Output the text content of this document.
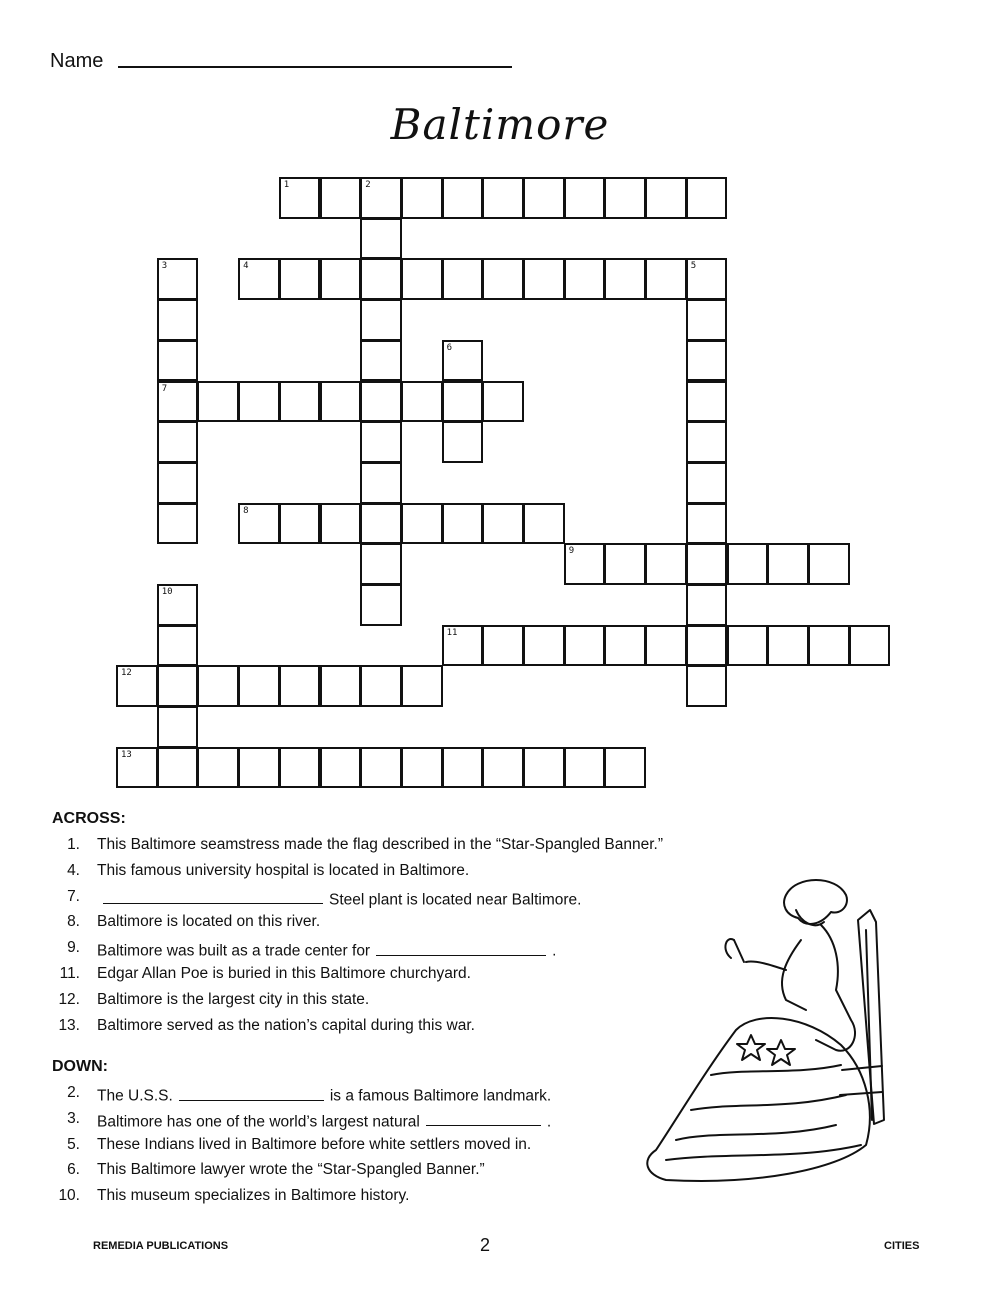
Name
Baltimore
1	2
3
7
4	5
6
8
9
10
11
12
13
ACROSS:
1. This Baltimore seamstress made the flag described in the “Star-Spangled Banner.”
4. This famous university hospital is located in Baltimore.
7.	Steel plant is located near Baltimore.
8. Baltimore is located on this river.
9. Baltimore was built as a trade center for	.
11. Edgar Allan Poe is buried in this Baltimore churchyard.
12. Baltimore is the largest city in this state.
13. Baltimore served as the nation’s capital during this war.
DOWN:
2. The U.S.S.	is a famous Baltimore landmark.
3. Baltimore has one of the world’s largest natural	.
5. These Indians lived in Baltimore before white settlers moved in.
6. This Baltimore lawyer wrote the “Star-Spangled Banner.”
10. This museum specializes in Baltimore history.
REMEDIA PUBLICATIONS	2	CITIES
